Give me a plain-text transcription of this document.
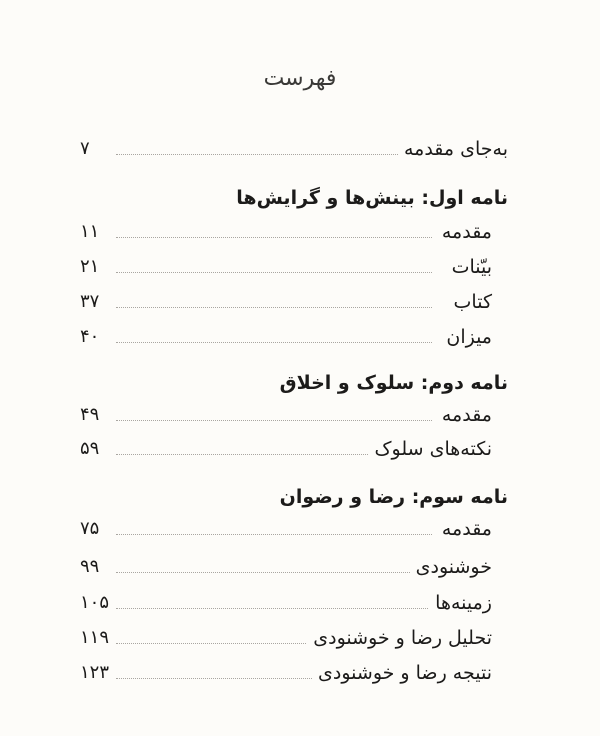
فهرست
به‌جای مقدمه
۷
نامه اول: بینش‌ها و گرایش‌ها
مقدمه
۱۱
بیّنات
۲۱
کتاب
۳۷
میزان
۴۰
نامه دوم: سلوک و اخلاق
مقدمه
۴۹
نکته‌های سلوک
۵۹
نامه سوم: رضا و رضوان
مقدمه
۷۵
خوشنودی
۹۹
زمینه‌ها
۱۰۵
تحلیل رضا و خوشنودی
۱۱۹
نتیجه رضا و خوشنودی
۱۲۳
